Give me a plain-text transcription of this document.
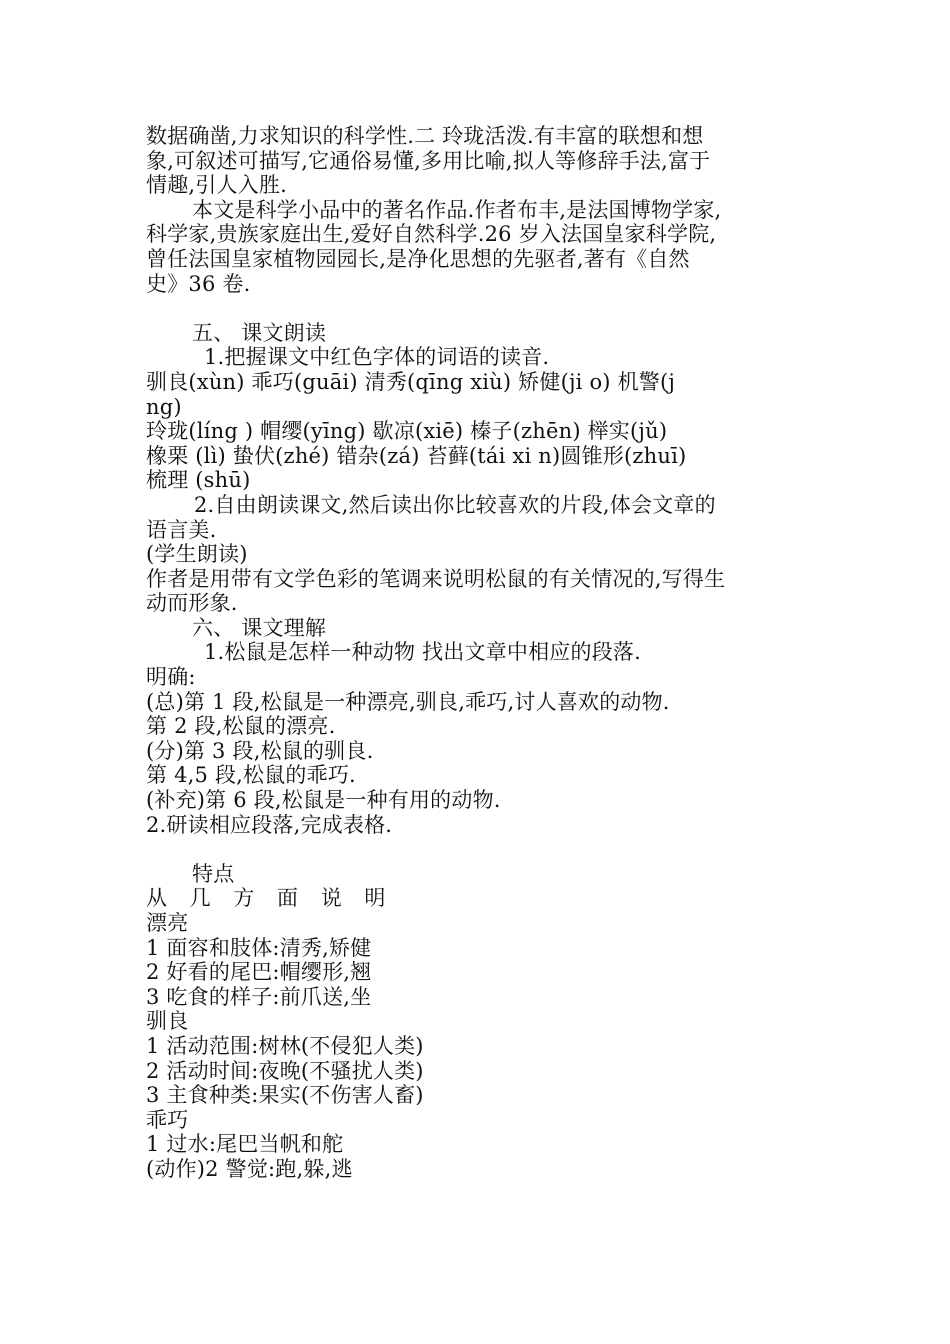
数据确凿,力求知识的科学性.二 玲珑活泼.有丰富的联想和想
象,可叙述可描写,它通俗易懂,多用比喻,拟人等修辞手法,富于
情趣,引人入胜.
本文是科学小品中的著名作品.作者布丰,是法国博物学家,
科学家,贵族家庭出生,爱好自然科学.26 岁入法国皇家科学院,
曾任法国皇家植物园园长,是净化思想的先驱者,著有《自然
史》36 卷.
五、 课文朗读
1.把握课文中红色字体的词语的读音.
驯良(xùn) 乖巧(guāi) 清秀(qīng xiù) 矫健(ji o) 机警(j
ng)
玲珑(líng ) 帽缨(yīng) 歇凉(xiē) 榛子(zhēn) 榉实(jǔ)
橡栗 (lì) 蛰伏(zhé) 错杂(zá) 苔藓(tái xi n)圆锥形(zhuī)
梳理 (shū)
2.自由朗读课文,然后读出你比较喜欢的片段,体会文章的
语言美.
(学生朗读)
作者是用带有文学色彩的笔调来说明松鼠的有关情况的,写得生
动而形象.
六、 课文理解
1.松鼠是怎样一种动物 找出文章中相应的段落.
明确:
(总)第 1 段,松鼠是一种漂亮,驯良,乖巧,讨人喜欢的动物.
第 2 段,松鼠的漂亮.
(分)第 3 段,松鼠的驯良.
第 4,5 段,松鼠的乖巧.
(补充)第 6 段,松鼠是一种有用的动物.
2.研读相应段落,完成表格.
特点
从 几 方 面 说 明
漂亮
1 面容和肢体:清秀,矫健
2 好看的尾巴:帽缨形,翘
3 吃食的样子:前爪送,坐
驯良
1 活动范围:树林(不侵犯人类)
2 活动时间:夜晚(不骚扰人类)
3 主食种类:果实(不伤害人畜)
乖巧
1 过水:尾巴当帆和舵
(动作)2 警觉:跑,躲,逃
